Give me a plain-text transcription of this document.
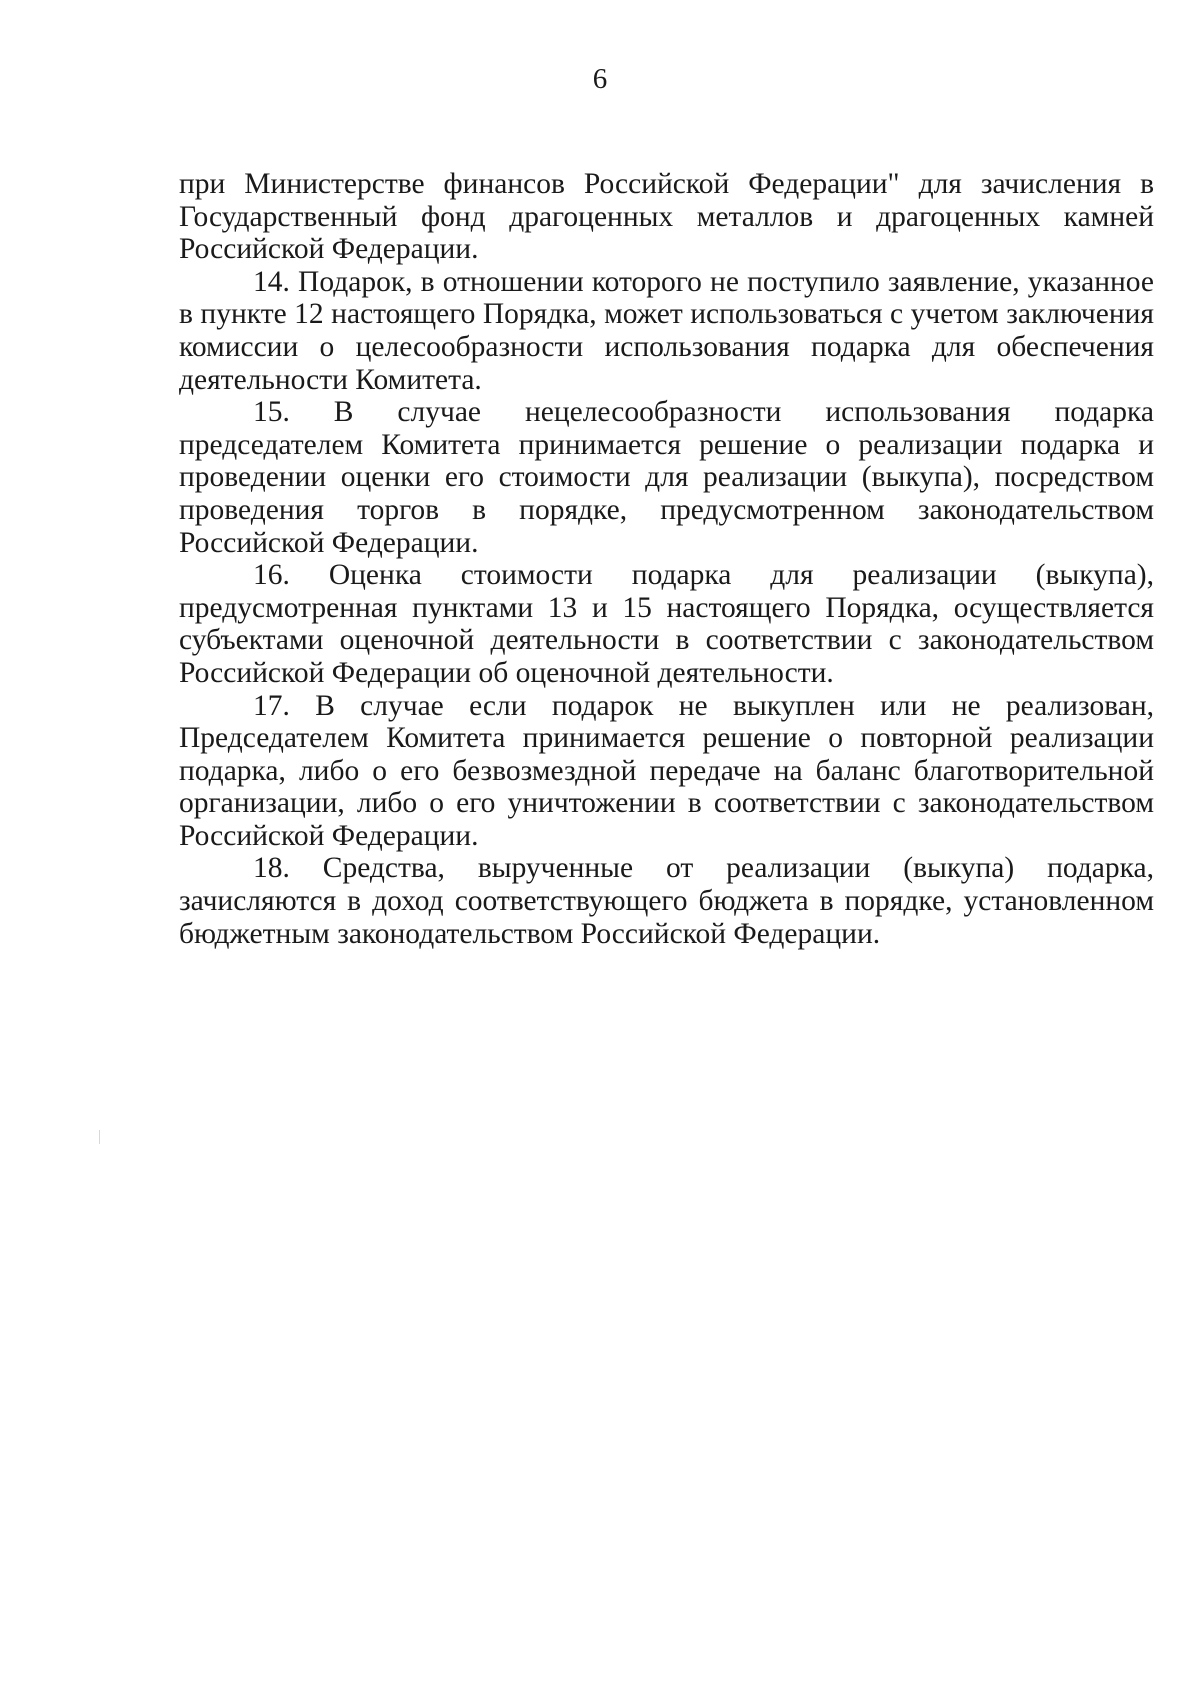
6

при Министерстве финансов Российской Федерации" для зачисления в Государственный фонд драгоценных металлов и драгоценных камней Российской Федерации.

14. Подарок, в отношении которого не поступило заявление, указанное в пункте 12 настоящего Порядка, может использоваться с учетом заключения комиссии о целесообразности использования подарка для обеспечения деятельности Комитета.

15. В случае нецелесообразности использования подарка председателем Комитета принимается решение о реализации подарка и проведении оценки его стоимости для реализации (выкупа), посредством проведения торгов в порядке, предусмотренном законодательством Российской Федерации.

16. Оценка стоимости подарка для реализации (выкупа), предусмотренная пунктами 13 и 15 настоящего Порядка, осуществляется субъектами оценочной деятельности в соответствии с законодательством Российской Федерации об оценочной деятельности.

17. В случае если подарок не выкуплен или не реализован, Председателем Комитета принимается решение о повторной реализации подарка, либо о его безвозмездной передаче на баланс благотворительной организации, либо о его уничтожении в соответствии с законодательством Российской Федерации.

18. Средства, вырученные от реализации (выкупа) подарка, зачисляются в доход соответствующего бюджета в порядке, установленном бюджетным законодательством Российской Федерации.
